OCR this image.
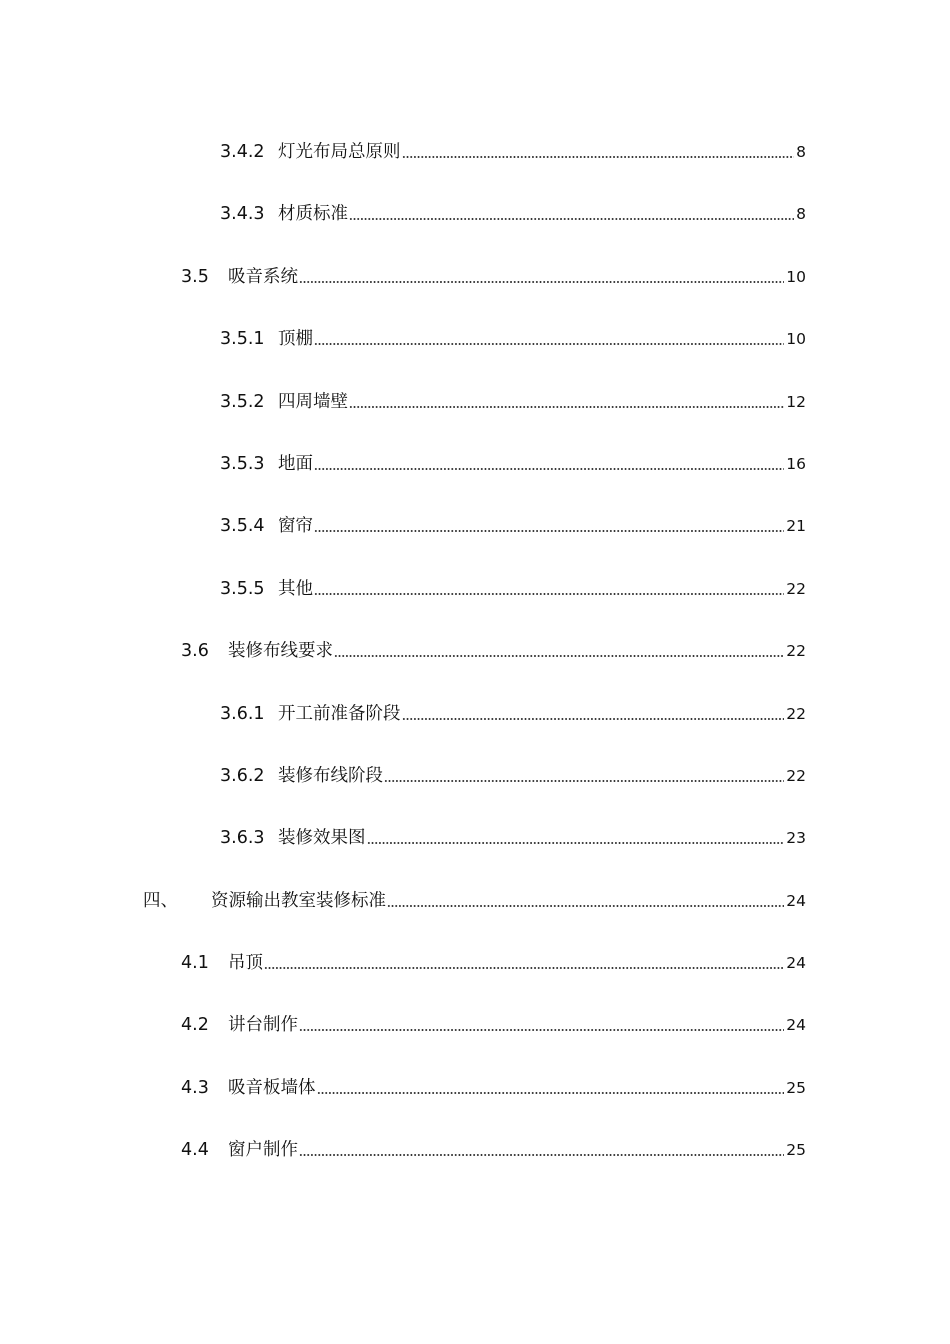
3.4.2 灯光布局总原则	8
3.4.3 材质标准	8
3.5	吸音系统	10
3.5.1 顶棚	10
3.5.2 四周墙壁	12
3.5.3 地面	16
3.5.4 窗帘	21
3.5.5 其他	22
3.6	装修布线要求	22
3.6.1 开工前准备阶段	22
3.6.2 装修布线阶段	22
3.6.3 装修效果图	23
四、	资源输出教室装修标准	24
4.1	吊顶	24
4.2	讲台制作	24
4.3	吸音板墙体	25
4.4	窗户制作	25
